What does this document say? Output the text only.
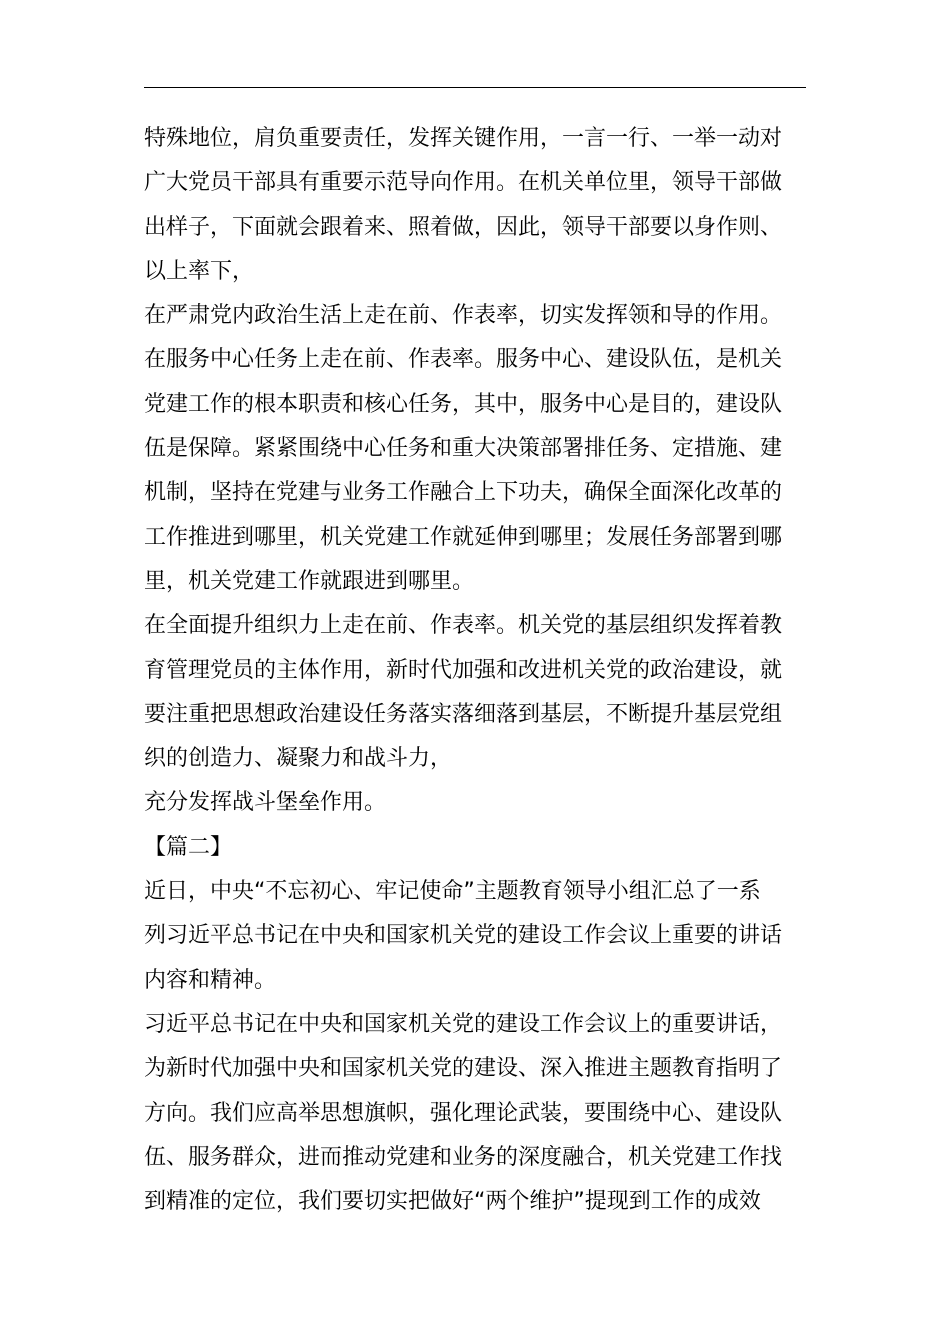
特殊地位，肩负重要责任，发挥关键作用，一言一行、一举一动对
广大党员干部具有重要示范导向作用。在机关单位里，领导干部做
出样子，下面就会跟着来、照着做，因此，领导干部要以身作则、
以上率下，
在严肃党内政治生活上走在前、作表率，切实发挥领和导的作用。
在服务中心任务上走在前、作表率。服务中心、建设队伍，是机关
党建工作的根本职责和核心任务，其中，服务中心是目的，建设队
伍是保障。紧紧围绕中心任务和重大决策部署排任务、定措施、建
机制，坚持在党建与业务工作融合上下功夫，确保全面深化改革的
工作推进到哪里，机关党建工作就延伸到哪里；发展任务部署到哪
里，机关党建工作就跟进到哪里。
在全面提升组织力上走在前、作表率。机关党的基层组织发挥着教
育管理党员的主体作用，新时代加强和改进机关党的政治建设，就
要注重把思想政治建设任务落实落细落到基层，不断提升基层党组
织的创造力、凝聚力和战斗力，
充分发挥战斗堡垒作用。
【篇二】
近日，中央“不忘初心、牢记使命”主题教育领导小组汇总了一系
列习近平总书记在中央和国家机关党的建设工作会议上重要的讲话
内容和精神。
习近平总书记在中央和国家机关党的建设工作会议上的重要讲话，
为新时代加强中央和国家机关党的建设、深入推进主题教育指明了
方向。我们应高举思想旗帜，强化理论武装，要围绕中心、建设队
伍、服务群众，进而推动党建和业务的深度融合，机关党建工作找
到精准的定位，我们要切实把做好“两个维护”提现到工作的成效
